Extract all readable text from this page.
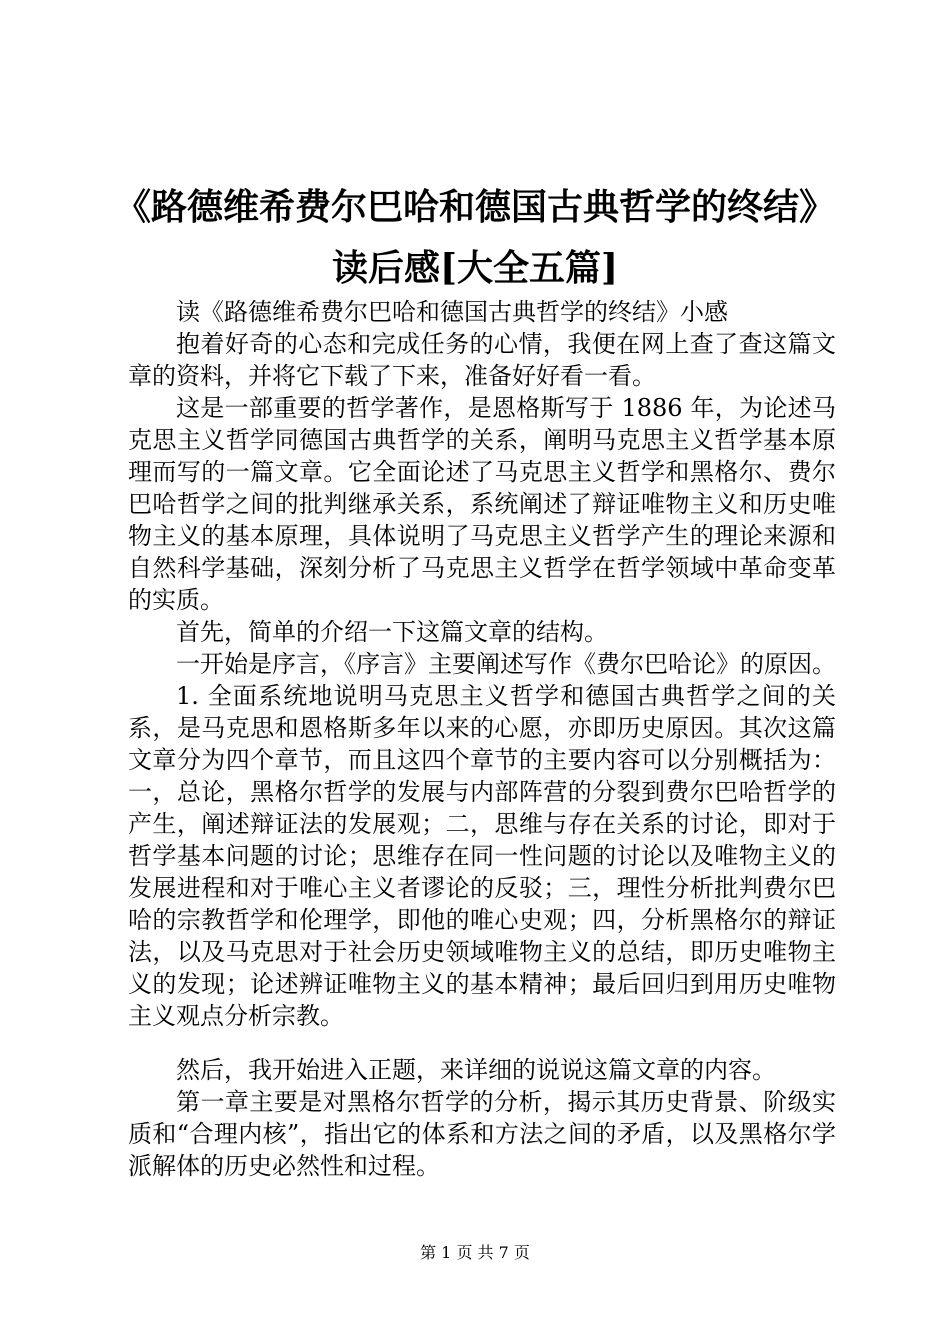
《路德维希费尔巴哈和德国古典哲学的终结》
读后感[大全五篇]

读《路德维希费尔巴哈和德国古典哲学的终结》小感

抱着好奇的心态和完成任务的心情，我便在网上查了查这篇文章的资料，并将它下载了下来，准备好好看一看。

这是一部重要的哲学著作，是恩格斯写于 1886 年，为论述马克思主义哲学同德国古典哲学的关系，阐明马克思主义哲学基本原理而写的一篇文章。它全面论述了马克思主义哲学和黑格尔、费尔巴哈哲学之间的批判继承关系，系统阐述了辩证唯物主义和历史唯物主义的基本原理，具体说明了马克思主义哲学产生的理论来源和自然科学基础，深刻分析了马克思主义哲学在哲学领域中革命变革的实质。

首先，简单的介绍一下这篇文章的结构。

一开始是序言，《序言》主要阐述写作《费尔巴哈论》的原因。

1. 全面系统地说明马克思主义哲学和德国古典哲学之间的关系，是马克思和恩格斯多年以来的心愿，亦即历史原因。其次这篇文章分为四个章节，而且这四个章节的主要内容可以分别概括为：一，总论，黑格尔哲学的发展与内部阵营的分裂到费尔巴哈哲学的产生，阐述辩证法的发展观；二，思维与存在关系的讨论，即对于哲学基本问题的讨论；思维存在同一性问题的讨论以及唯物主义的发展进程和对于唯心主义者谬论的反驳；三，理性分析批判费尔巴哈的宗教哲学和伦理学，即他的唯心史观；四，分析黑格尔的辩证法，以及马克思对于社会历史领域唯物主义的总结，即历史唯物主义的发现；论述辨证唯物主义的基本精神；最后回归到用历史唯物主义观点分析宗教。

然后，我开始进入正题，来详细的说说这篇文章的内容。

第一章主要是对黑格尔哲学的分析，揭示其历史背景、阶级实质和“合理内核”，指出它的体系和方法之间的矛盾，以及黑格尔学派解体的历史必然性和过程。

第 1 页 共 7 页
